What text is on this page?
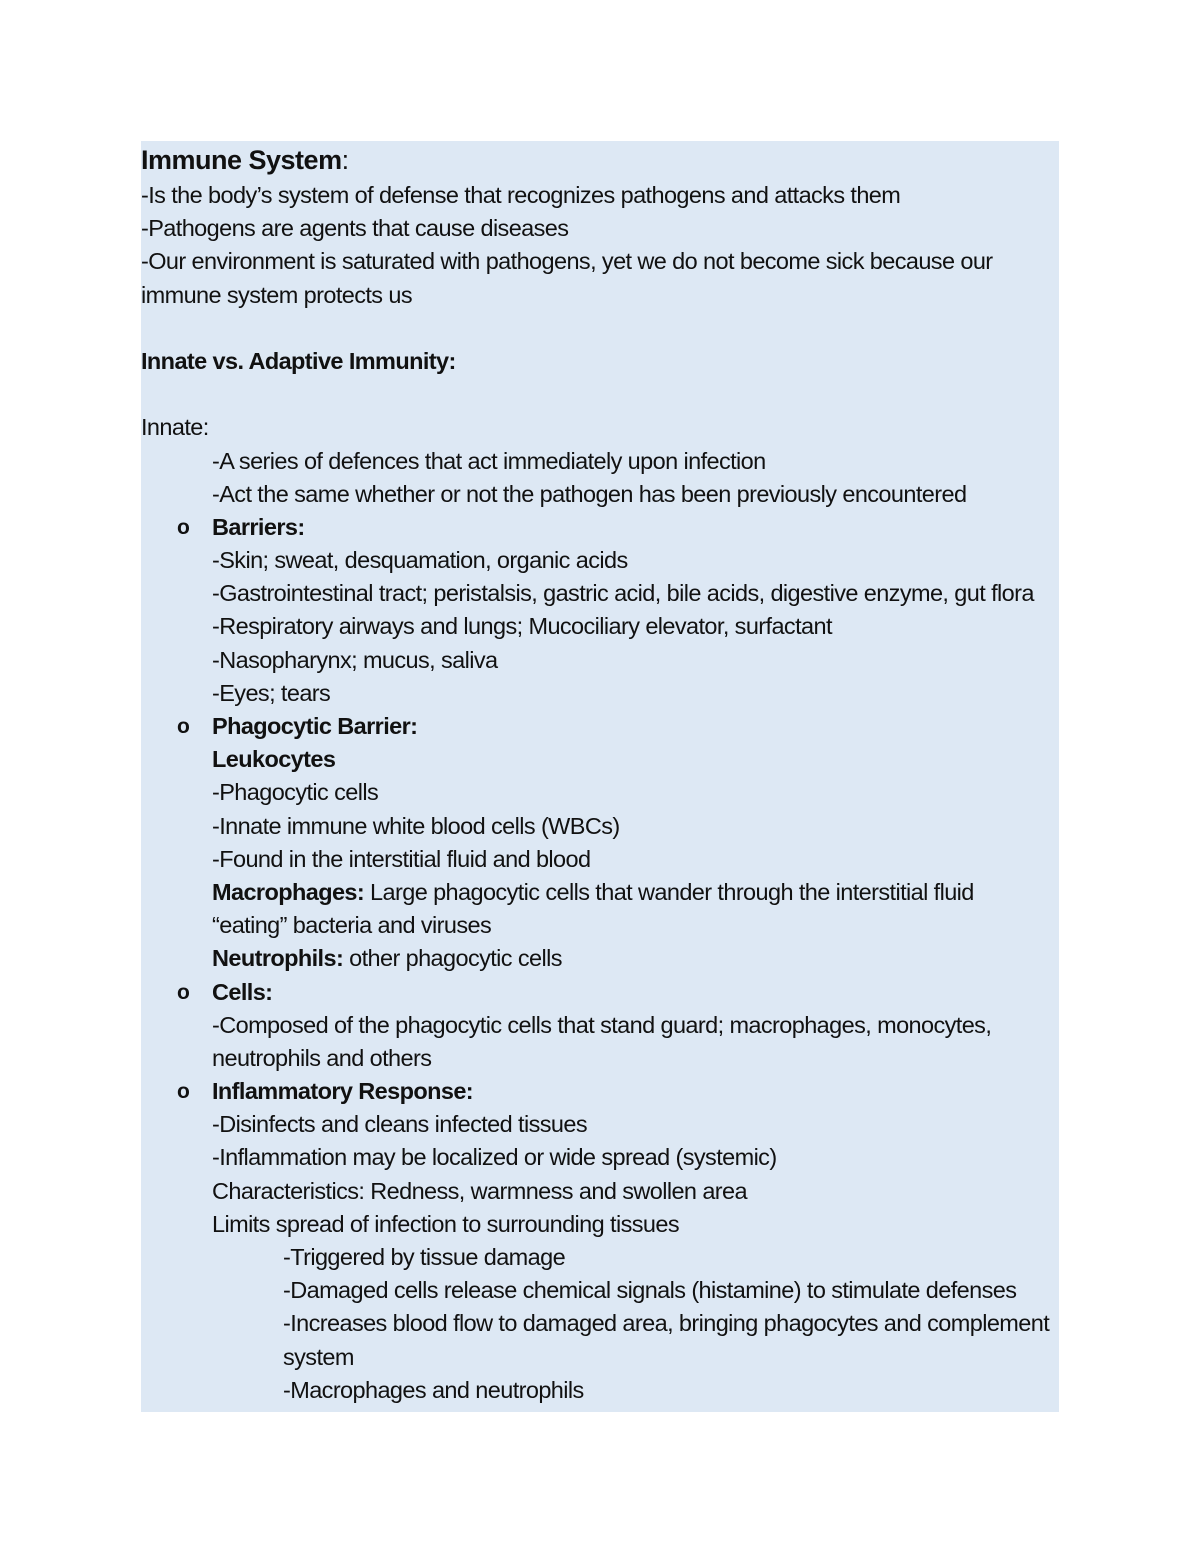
Immune System:
-Is the body’s system of defense that recognizes pathogens and attacks them
-Pathogens are agents that cause diseases
-Our environment is saturated with pathogens, yet we do not become sick because our
immune system protects us
Innate vs. Adaptive Immunity:
Innate:
-A series of defences that act immediately upon infection
-Act the same whether or not the pathogen has been previously encountered
o Barriers:
-Skin; sweat, desquamation, organic acids
-Gastrointestinal tract; peristalsis, gastric acid, bile acids, digestive enzyme, gut flora
-Respiratory airways and lungs; Mucociliary elevator, surfactant
-Nasopharynx; mucus, saliva
-Eyes; tears
o Phagocytic Barrier:
Leukocytes
-Phagocytic cells
-Innate immune white blood cells (WBCs)
-Found in the interstitial fluid and blood
Macrophages: Large phagocytic cells that wander through the interstitial fluid
“eating” bacteria and viruses
Neutrophils: other phagocytic cells
o Cells:
-Composed of the phagocytic cells that stand guard; macrophages, monocytes,
neutrophils and others
o Inflammatory Response:
-Disinfects and cleans infected tissues
-Inflammation may be localized or wide spread (systemic)
Characteristics: Redness, warmness and swollen area
Limits spread of infection to surrounding tissues
-Triggered by tissue damage
-Damaged cells release chemical signals (histamine) to stimulate defenses
-Increases blood flow to damaged area, bringing phagocytes and complement
system
-Macrophages and neutrophils
